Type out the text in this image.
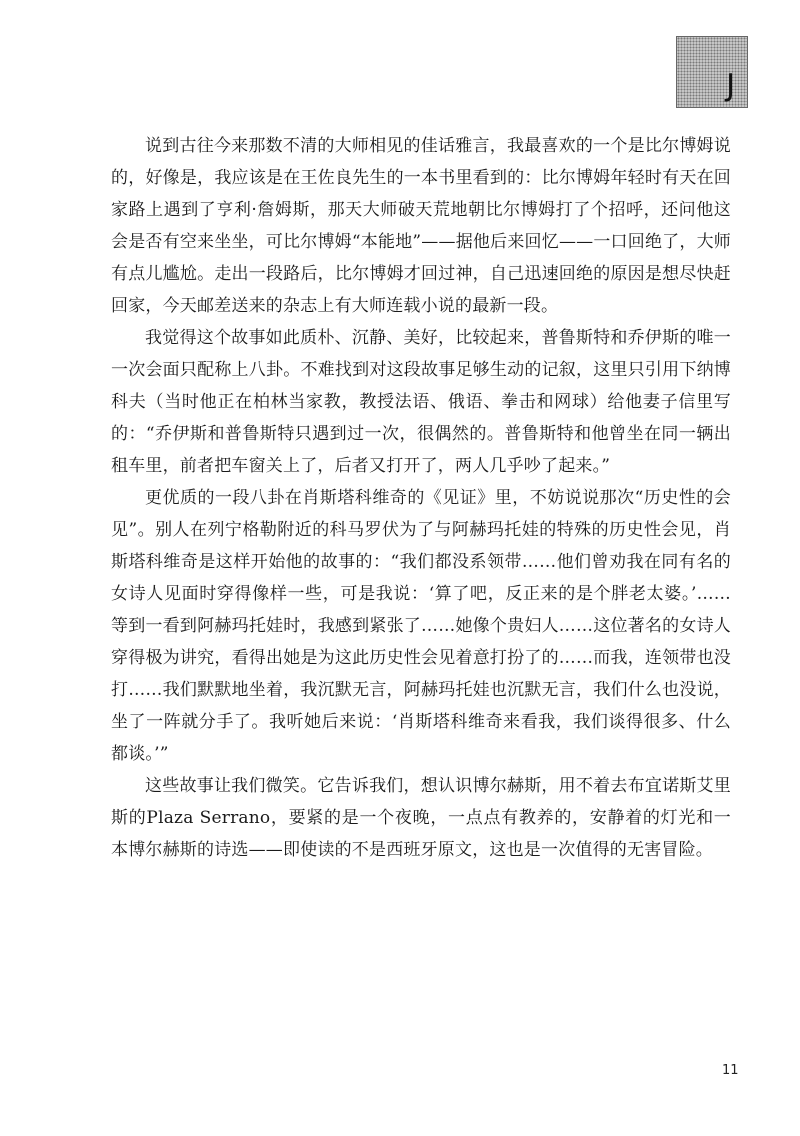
J

说到古往今来那数不清的大师相见的佳话雅言，我最喜欢的一个是比尔博姆说的，好像是，我应该是在王佐良先生的一本书里看到的：比尔博姆年轻时有天在回家路上遇到了亨利·詹姆斯，那天大师破天荒地朝比尔博姆打了个招呼，还问他这会是否有空来坐坐，可比尔博姆“本能地”——据他后来回忆——一口回绝了，大师有点儿尴尬。走出一段路后，比尔博姆才回过神，自己迅速回绝的原因是想尽快赶回家，今天邮差送来的杂志上有大师连载小说的最新一段。

我觉得这个故事如此质朴、沉静、美好，比较起来，普鲁斯特和乔伊斯的唯一一次会面只配称上八卦。不难找到对这段故事足够生动的记叙，这里只引用下纳博科夫（当时他正在柏林当家教，教授法语、俄语、拳击和网球）给他妻子信里写的：“乔伊斯和普鲁斯特只遇到过一次，很偶然的。普鲁斯特和他曾坐在同一辆出租车里，前者把车窗关上了，后者又打开了，两人几乎吵了起来。”

更优质的一段八卦在肖斯塔科维奇的《见证》里，不妨说说那次“历史性的会见”。别人在列宁格勒附近的科马罗伏为了与阿赫玛托娃的特殊的历史性会见，肖斯塔科维奇是这样开始他的故事的：“我们都没系领带……他们曾劝我在同有名的女诗人见面时穿得像样一些，可是我说：‘算了吧，反正来的是个胖老太婆。’……等到一看到阿赫玛托娃时，我感到紧张了……她像个贵妇人……这位著名的女诗人穿得极为讲究，看得出她是为这此历史性会见着意打扮了的……而我，连领带也没打……我们默默地坐着，我沉默无言，阿赫玛托娃也沉默无言，我们什么也没说，坐了一阵就分手了。我听她后来说：‘肖斯塔科维奇来看我，我们谈得很多、什么都谈。’”

这些故事让我们微笑。它告诉我们，想认识博尔赫斯，用不着去布宜诺斯艾里斯的Plaza Serrano，要紧的是一个夜晚，一点点有教养的，安静着的灯光和一本博尔赫斯的诗选——即使读的不是西班牙原文，这也是一次值得的无害冒险。

11
